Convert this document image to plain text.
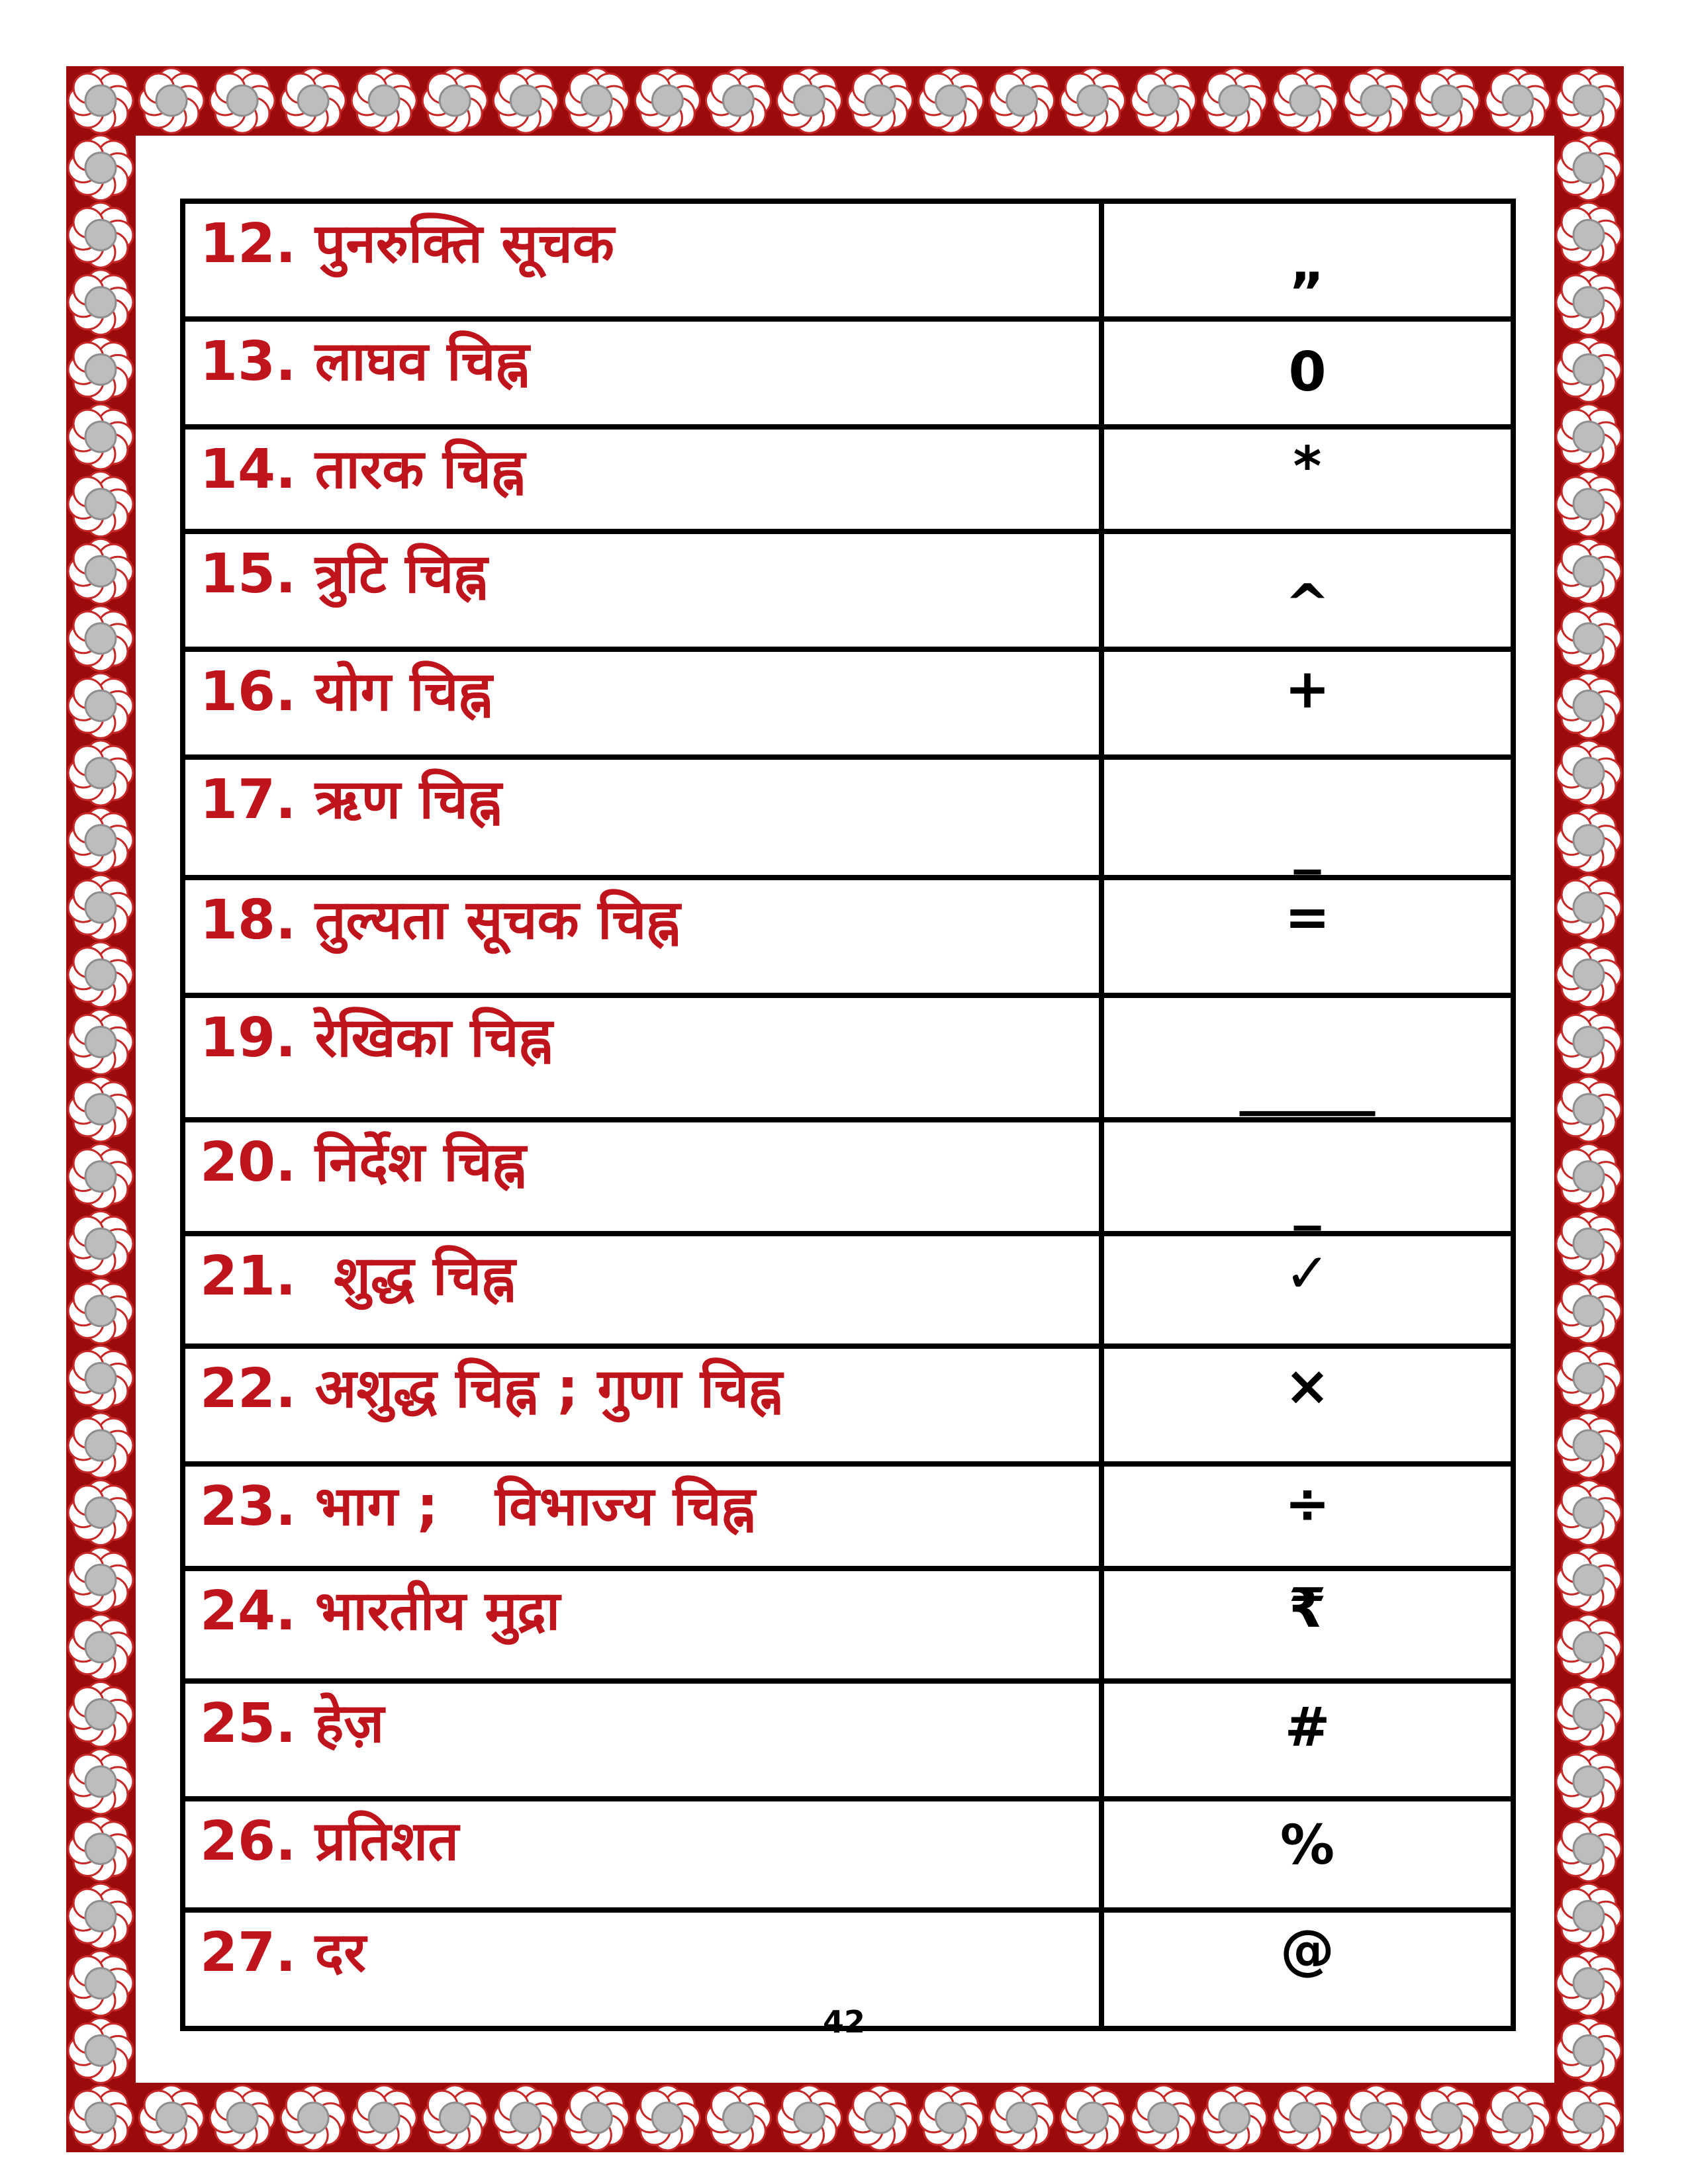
12. पुनरुक्ति सूचक	„
13. लाघव चिह्न	0
14. तारक चिह्न	*
15. त्रुटि चिह्न	^
16. योग चिह्न	+
17. ऋण चिह्न	_
18. तुल्यता सूचक चिह्न	=
19. रेखिका चिह्न	_____
20. निर्देश चिह्न	_
21.  शुद्ध चिह्न	✓
22. अशुद्ध चिह्न ; गुणा चिह्न	×
23. भाग ;   विभाज्य चिह्न	÷
24. भारतीय मुद्रा	₹
25. हेज़	#
26. प्रतिशत	%
27. दर	@
42
